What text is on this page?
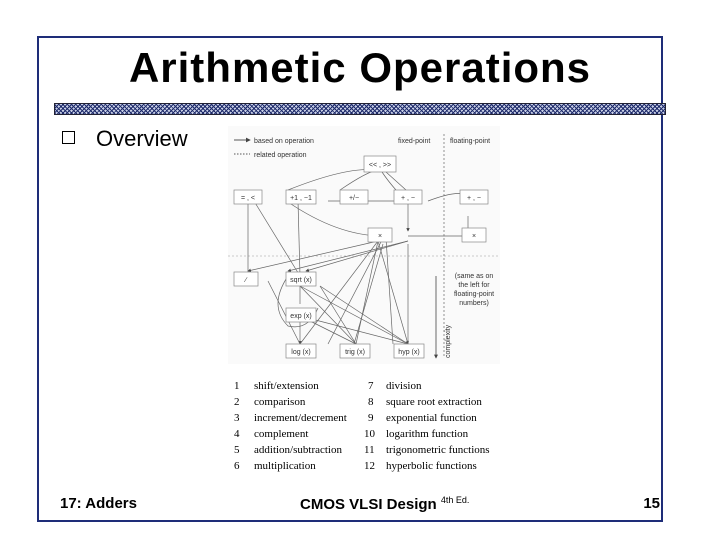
Arithmetic Operations
Overview	based on operation
related operation
fixed-point	floating-point
complexity
<< , >>
= , <	+1 , −1	+/−	+ , −	+ , −
×	×
∕	sqrt (x)
exp (x)
log (x)	trig (x)	hyp (x)
(same as on
the left for
floating-point
numbers)
1 shift/extension	7 division
2 comparison	8 square root extraction
3 increment/decrement 9 exponential function
4 complement	10 logarithm function
5 addition/subtraction 11 trigonometric functions
6 multiplication	12 hyperbolic functions
17: Adders	CMOS VLSI Design $^{4th Ed.}$	15
